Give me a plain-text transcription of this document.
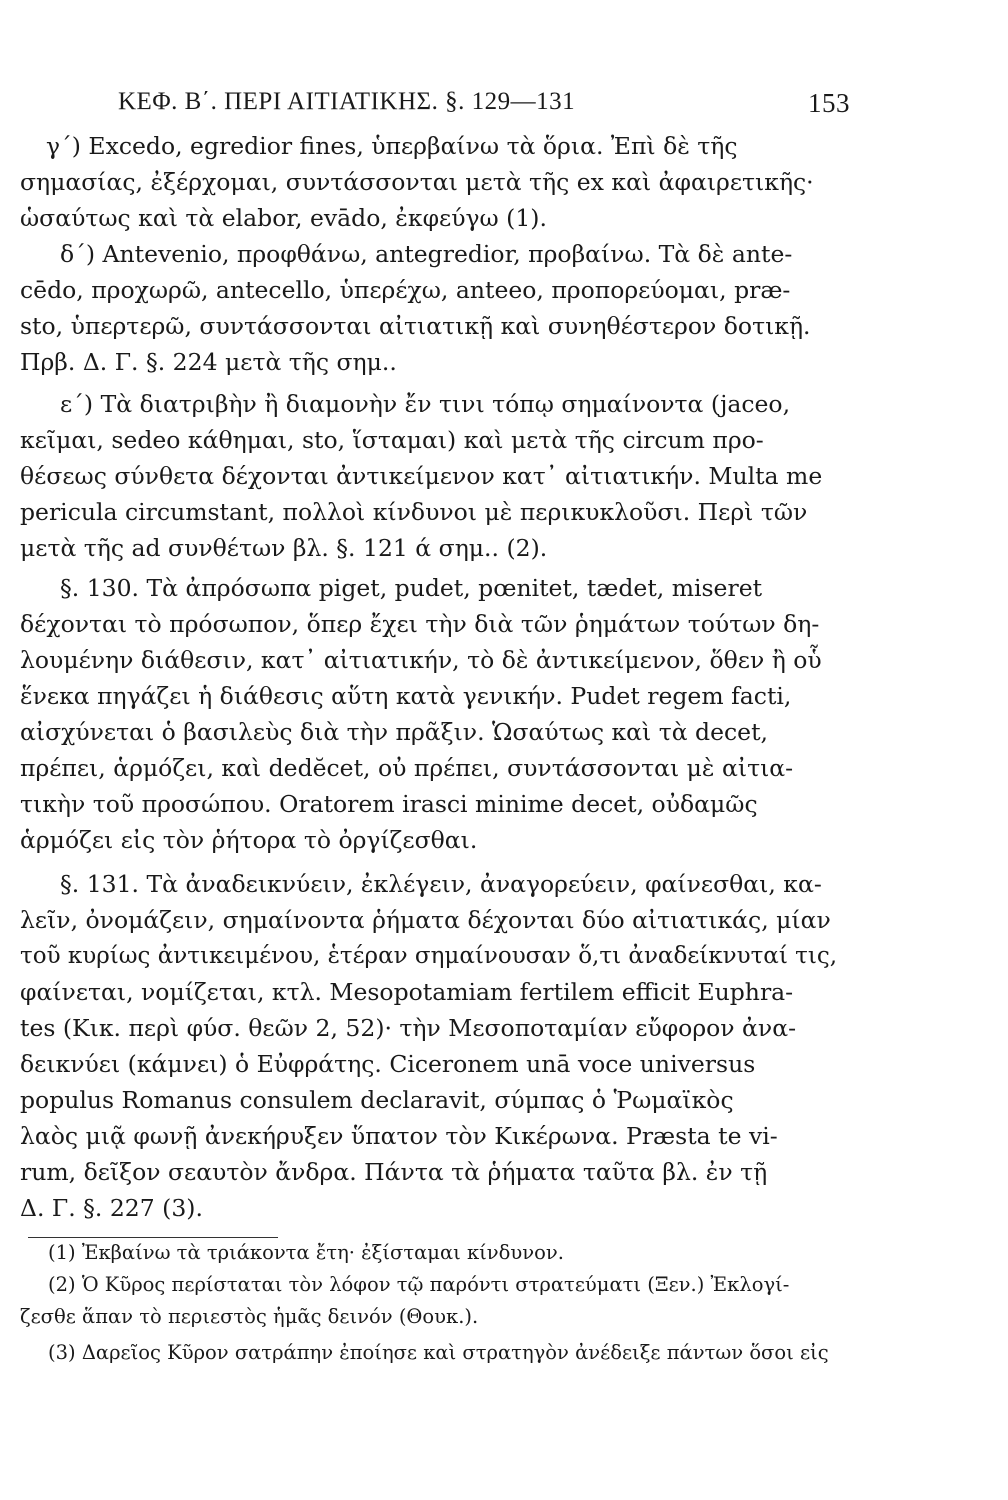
ΚΕΦ. Β΄. ΠΕΡΙ ΑΙΤΙΑΤΙΚΗΣ. §. 129—131	153
γ΄) Excedo, egredior fines, ὑπερβαίνω τὰ ὅρια. Ἐπὶ δὲ τῆς
σημασίας, ἐξέρχομαι, συντάσσονται μετὰ τῆς ex καὶ ἀφαιρετικῆς·
ὡσαύτως καὶ τὰ elabor, evādo, ἐκφεύγω (1).
δ΄) Antevenio, προφθάνω, antegredior, προβαίνω. Τὰ δὲ ante-
cēdo, προχωρῶ, antecello, ὑπερέχω, anteeo, προπορεύομαι, præ-
sto, ὑπερτερῶ, συντάσσονται αἰτιατικῇ καὶ συνηθέστερον δοτικῇ.
Πρβ. Δ. Γ. §. 224 μετὰ τῆς σημ..
ε΄) Τὰ διατριβὴν ἢ διαμονὴν ἔν τινι τόπῳ σημαίνοντα (jaceo,
κεῖμαι, sedeo κάθημαι, sto, ἵσταμαι) καὶ μετὰ τῆς circum προ-
θέσεως σύνθετα δέχονται ἀντικείμενον κατ᾽ αἰτιατικήν. Multa me
pericula circumstant, πολλοὶ κίνδυνοι μὲ περικυκλοῦσι. Περὶ τῶν
μετὰ τῆς ad συνθέτων βλ. §. 121 ά σημ.. (2).
§. 130. Τὰ ἀπρόσωπα piget, pudet, pœnitet, tædet, miseret
δέχονται τὸ πρόσωπον, ὅπερ ἔχει τὴν διὰ τῶν ῥημάτων τούτων δη-
λουμένην διάθεσιν, κατ᾽ αἰτιατικήν, τὸ δὲ ἀντικείμενον, ὅθεν ἢ οὗ
ἕνεκα πηγάζει ἡ διάθεσις αὕτη κατὰ γενικήν. Pudet regem facti,
αἰσχύνεται ὁ βασιλεὺς διὰ τὴν πρᾶξιν. Ὡσαύτως καὶ τὰ decet,
πρέπει, ἁρμόζει, καὶ dedĕcet, οὐ πρέπει, συντάσσονται μὲ αἰτια-
τικὴν τοῦ προσώπου. Oratorem irasci minime decet, οὐδαμῶς
ἁρμόζει εἰς τὸν ῥήτορα τὸ ὀργίζεσθαι.
§. 131. Τὰ ἀναδεικνύειν, ἐκλέγειν, ἀναγορεύειν, φαίνεσθαι, κα-
λεῖν, ὀνομάζειν, σημαίνοντα ῥήματα δέχονται δύο αἰτιατικάς, μίαν
τοῦ κυρίως ἀντικειμένου, ἑτέραν σημαίνουσαν ὅ,τι ἀναδείκνυταί τις,
φαίνεται, νομίζεται, κτλ. Mesopotamiam fertilem efficit Euphra-
tes (Κικ. περὶ φύσ. θεῶν 2, 52)· τὴν Μεσοποταμίαν εὔφορον ἀνα-
δεικνύει (κάμνει) ὁ Εὐφράτης. Ciceronem unā voce universus
populus Romanus consulem declaravit, σύμπας ὁ Ῥωμαϊκὸς
λαὸς μιᾷ φωνῇ ἀνεκήρυξεν ὕπατον τὸν Κικέρωνα. Præsta te vi-
rum, δεῖξον σεαυτὸν ἄνδρα. Πάντα τὰ ῥήματα ταῦτα βλ. ἐν τῇ
Δ. Γ. §. 227 (3).
(1) Ἐκβαίνω τὰ τριάκοντα ἔτη· ἐξίσταμαι κίνδυνον.
(2) Ὁ Κῦρος περίσταται τὸν λόφον τῷ παρόντι στρατεύματι (Ξεν.) Ἐκλογί-
ζεσθε ἅπαν τὸ περιεστὸς ἡμᾶς δεινόν (Θουκ.).
(3) Δαρεῖος Κῦρον σατράπην ἐποίησε καὶ στρατηγὸν ἀνέδειξε πάντων ὅσοι εἰς
